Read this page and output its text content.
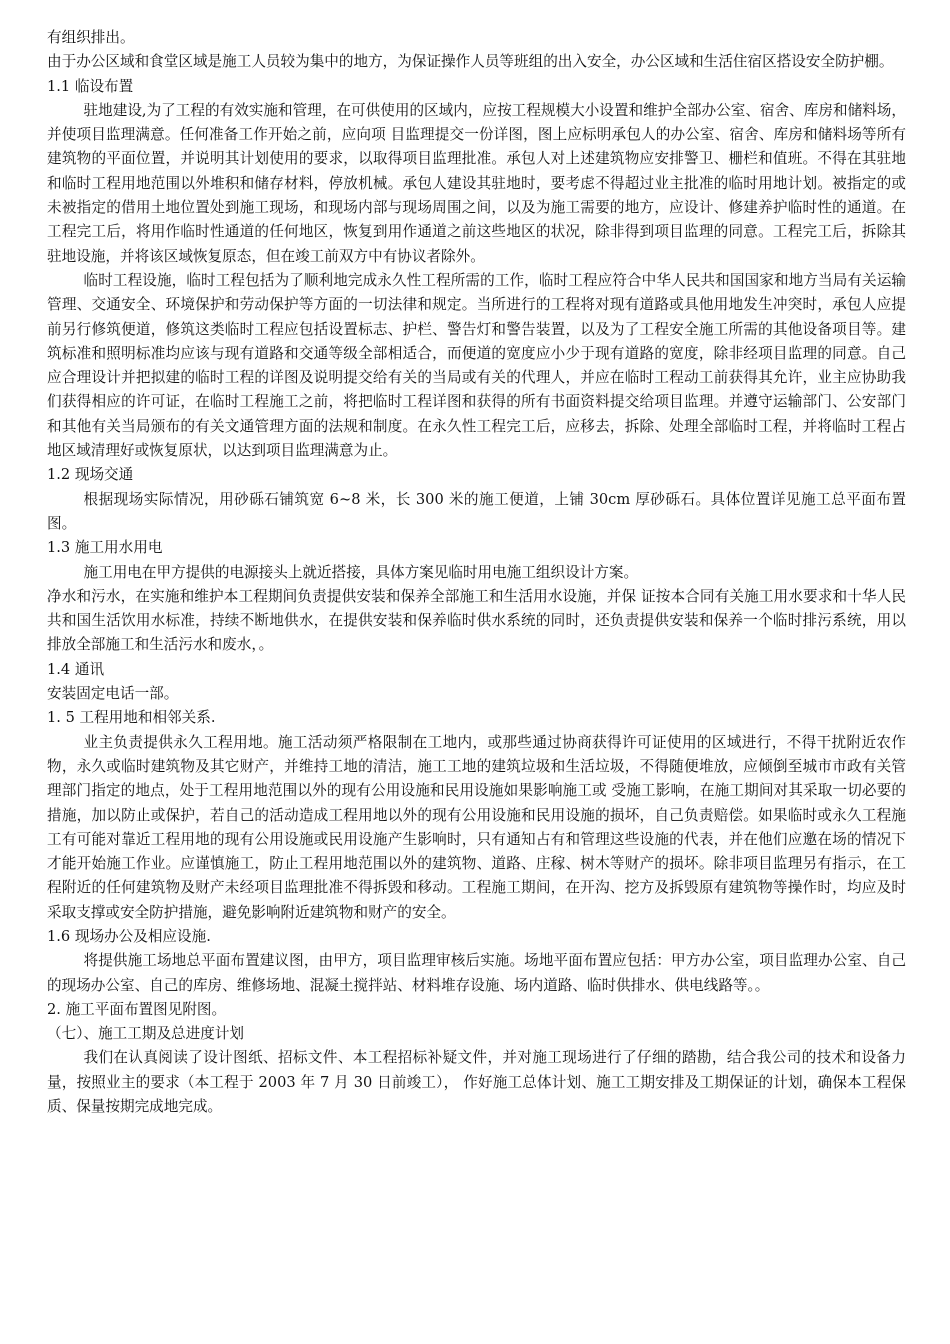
有组织排出。

由于办公区域和食堂区域是施工人员较为集中的地方，为保证操作人员等班组的出入安全，办公区域和生活住宿区搭设安全防护棚。

1.1 临设布置

驻地建设,为了工程的有效实施和管理，在可供使用的区域内，应按工程规模大小设置和维护全部办公室、宿舍、库房和储料场，并使项目监理满意。任何准备工作开始之前，应向项 目监理提交一份详图，图上应标明承包人的办公室、宿舍、库房和储料场等所有建筑物的平面位置，并说明其计划使用的要求，以取得项目监理批准。承包人对上述建筑物应安排警卫、栅栏和值班。不得在其驻地和临时工程用地范围以外堆积和储存材料，停放机械。承包人建设其驻地时，要考虑不得超过业主批准的临时用地计划。被指定的或未被指定的借用土地位置处到施工现场，和现场内部与现场周围之间，以及为施工需要的地方，应设计、修建养护临时性的通道。在工程完工后，将用作临时性通道的任何地区，恢复到用作通道之前这些地区的状况，除非得到项目监理的同意。工程完工后，拆除其驻地设施，并将该区域恢复原态，但在竣工前双方中有协议者除外。

临时工程设施，临时工程包括为了顺利地完成永久性工程所需的工作，临时工程应符合中华人民共和国国家和地方当局有关运输管理、交通安全、环境保护和劳动保护等方面的一切法律和规定。当所进行的工程将对现有道路或具他用地发生冲突时，承包人应提前另行修筑便道，修筑这类临时工程应包括设置标志、护栏、警告灯和警告装置，以及为了工程安全施工所需的其他设备项目等。建筑标准和照明标准均应该与现有道路和交通等级全部相适合，而便道的宽度应小少于现有道路的宽度，除非经项目监理的同意。自己应合理设计并把拟建的临时工程的详图及说明提交给有关的当局或有关的代理人，并应在临时工程动工前获得其允许，业主应协助我们获得相应的许可证，在临时工程施工之前，将把临时工程详图和获得的所有书面资料提交给项目监理。并遵守运输部门、公安部门和其他有关当局颁布的有关文通管理方面的法规和制度。在永久性工程完工后，应移去，拆除、处理全部临时工程，并将临时工程占地区域清理好或恢复原状，以达到项目监理满意为止。

1.2 现场交通

根据现场实际情况，用砂砾石铺筑宽 6~8 米，长 300 米的施工便道，上铺 30cm 厚砂砾石。具体位置详见施工总平面布置图。

1.3 施工用水用电

施工用电在甲方提供的电源接头上就近搭接，具体方案见临时用电施工组织设计方案。

净水和污水，在实施和维护本工程期间负责提供安装和保养全部施工和生活用水设施，并保 证按本合同有关施工用水要求和十华人民共和国生活饮用水标准，持续不断地供水，在提供安装和保养临时供水系统的同时，还负责提供安装和保养一个临时排污系统，用以排放全部施工和生活污水和废水，。

1.4 通讯

安装固定电话一部。

1. 5 工程用地和相邻关系.

业主负责提供永久工程用地。施工活动须严格限制在工地内，或那些通过协商获得许可证使用的区域进行，不得干扰附近农作物，永久或临时建筑物及其它财产，并维持工地的清洁，施工工地的建筑垃圾和生活垃圾，不得随便堆放，应倾倒至城市市政有关管理部门指定的地点，处于工程用地范围以外的现有公用设施和民用设施如果影响施工或 受施工影响，在施工期间对其采取一切必要的措施，加以防止或保护，若自己的活动造成工程用地以外的现有公用设施和民用设施的损坏，自己负责赔偿。如果临时或永久工程施工有可能对靠近工程用地的现有公用设施或民用设施产生影响时，只有通知占有和管理这些设施的代表，并在他们应邀在场的情况下才能开始施工作业。应谨慎施工，防止工程用地范围以外的建筑物、道路、庄稼、树木等财产的损坏。除非项目监理另有指示，在工程附近的任何建筑物及财产未经项目监理批准不得拆毁和移动。工程施工期间，在开沟、挖方及拆毁原有建筑物等操作时，均应及时采取支撑或安全防护措施，避免影响附近建筑物和财产的安全。

1.6 现场办公及相应设施.

将提供施工场地总平面布置建议图，由甲方，项目监理审核后实施。场地平面布置应包括：甲方办公室，项目监理办公室、自己的现场办公室、自己的库房、维修场地、混凝土搅拌站、材料堆存设施、场内道路、临时供排水、供电线路等。。

2. 施工平面布置图见附图。

（七）、施工工期及总进度计划

我们在认真阅读了设计图纸、招标文件、本工程招标补疑文件，并对施工现场进行了仔细的踏勘，结合我公司的技术和设备力量，按照业主的要求（本工程于 2003 年 7 月 30 日前竣工）， 作好施工总体计划、施工工期安排及工期保证的计划，确保本工程保质、保量按期完成地完成。
